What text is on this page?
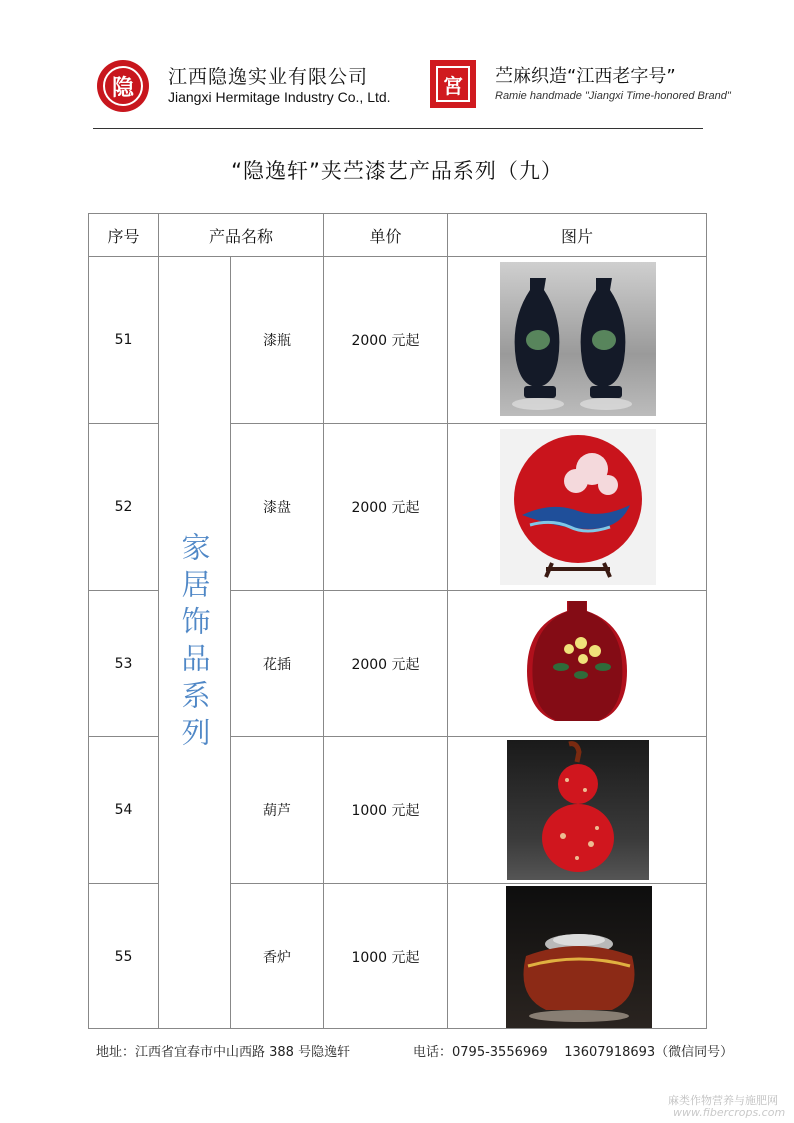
隐	江西隐逸实业有限公司
Jiangxi Hermitage Industry Co., Ltd.	宮	苎麻织造“江西老字号”
Ramie handmade "Jiangxi Time-honored Brand"
“隐逸轩”夹苎漆艺产品系列（九）
序号	产品名称	单价	图片
家居饰品系列
51	漆瓶	2000 元起
52	漆盘	2000 元起
53	花插	2000 元起
54	葫芦	1000 元起
55	香炉	1000 元起
地址：江西省宜春市中山西路 388 号隐逸轩	电话：0795-3556969    13607918693（微信同号）
麻类作物营养与施肥网
www.fibercrops.com
